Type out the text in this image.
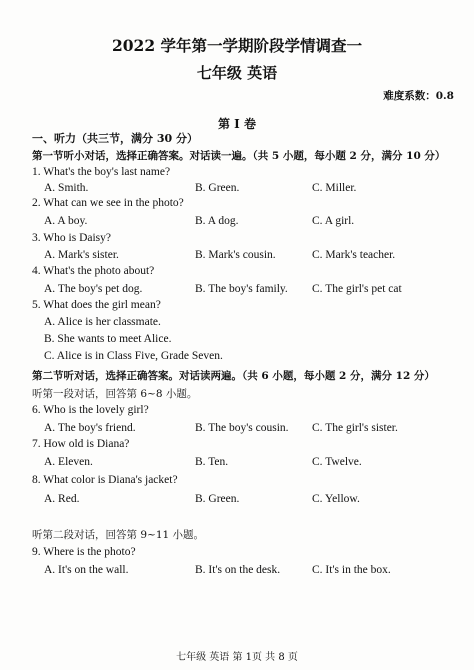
2022 学年第一学期阶段学情调查一
七年级 英语
难度系数：0.8
第 I 卷
一、听力（共三节，满分 30 分）
第一节听小对话，选择正确答案。对话读一遍。（共 5 小题，每小题 2 分，满分 10 分）
1. What's the boy's last name?
A. Smith.	B. Green.	C. Miller.
2. What can we see in the photo?
A. A boy.	B. A dog.	C. A girl.
3. Who is Daisy?
A. Mark's sister.	B. Mark's cousin.	C. Mark's teacher.
4. What's the photo about?
A. The boy's pet dog.	B. The boy's family. C. The girl's pet cat
5. What does the girl mean?
A. Alice is her classmate.
B. She wants to meet Alice.
C. Alice is in Class Five, Grade Seven.
第二节听对话，选择正确答案。对话读两遍。（共 6 小题，每小题 2 分，满分 12 分）
听第一段对话，回答第 6~8 小题。
6. Who is the lovely girl?
A. The boy's friend.	B. The boy's cousin. C. The girl's sister.
7. How old is Diana?
A. Eleven.	B. Ten.	C. Twelve.
8. What color is Diana's jacket?
A. Red.	B. Green.	C. Yellow.
听第二段对话，回答第 9~11 小题。
9. Where is the photo?
A. It's on the wall.	B. It's on the desk.	C. It's in the box.
七年级 英语 第 1页 共 8 页
